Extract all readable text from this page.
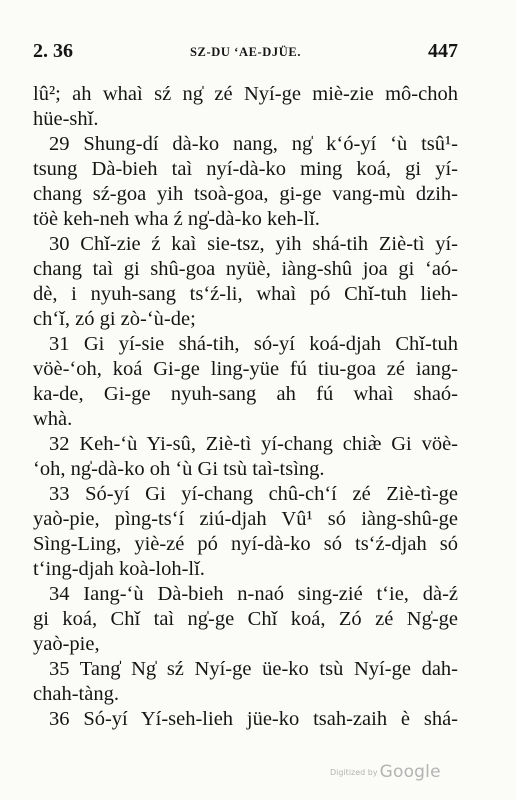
2. 36	SZ-DU ‘AE-DJÜE.	447
lû²; ah whaì sź ng̍ zé Nyí-ge miè-zie mô-choh
hüe-shǐ.
29 Shung-dí dà-ko nang, ng̍ k‘ó-yí ‘ù tsû¹-
tsung Dà-bieh taì nyí-dà-ko ming koá, gi yí-
chang sź-goa yih tsoà-goa, gi-ge vang-mù dzih-
töè keh-neh wha ź ng̍-dà-ko keh-lǐ.
30 Chǐ-zie ź kaì sie-tsz, yih shá-tih Ziè-tì yí-
chang taì gi shû-goa nyüè, iàng-shû joa gi ‘aó-
dè, i nyuh-sang ts‘ź-li, whaì pó Chǐ-tuh lieh-
ch‘ǐ, zó gi zò-‘ù-de;
31 Gi yí-sie shá-tih, só-yí koá-djah Chǐ-tuh
vöè-‘oh, koá Gi-ge ling-yüe fú tiu-goa zé iang-
ka-de, Gi-ge nyuh-sang ah fú whaì shaó-
whà.
32 Keh-‘ù Yi-sû, Ziè-tì yí-chang chiæ̀ Gi vöè-
‘oh, ng̍-dà-ko oh ‘ù Gi tsù taì-tsìng.
33 Só-yí Gi yí-chang chû-ch‘í zé Ziè-tì-ge
yaò-pie, pìng-ts‘í ziú-djah Vû¹ só iàng-shû-ge
Sìng-Ling, yiè-zé pó nyí-dà-ko só ts‘ź-djah só
t‘ing-djah koà-loh-lǐ.
34 Iang-‘ù Dà-bieh n-naó sing-zié t‘ie, dà-ź
gi koá, Chǐ taì ng̍-ge Chǐ koá, Zó zé Ng̍-ge
yaò-pie,
35 Tang̍ Ng̍ sź Nyí-ge üe-ko tsù Nyí-ge dah-
chah-tàng.
36 Só-yí Yí-seh-lieh jüe-ko tsah-zaih è shá-
Digitized by Google
